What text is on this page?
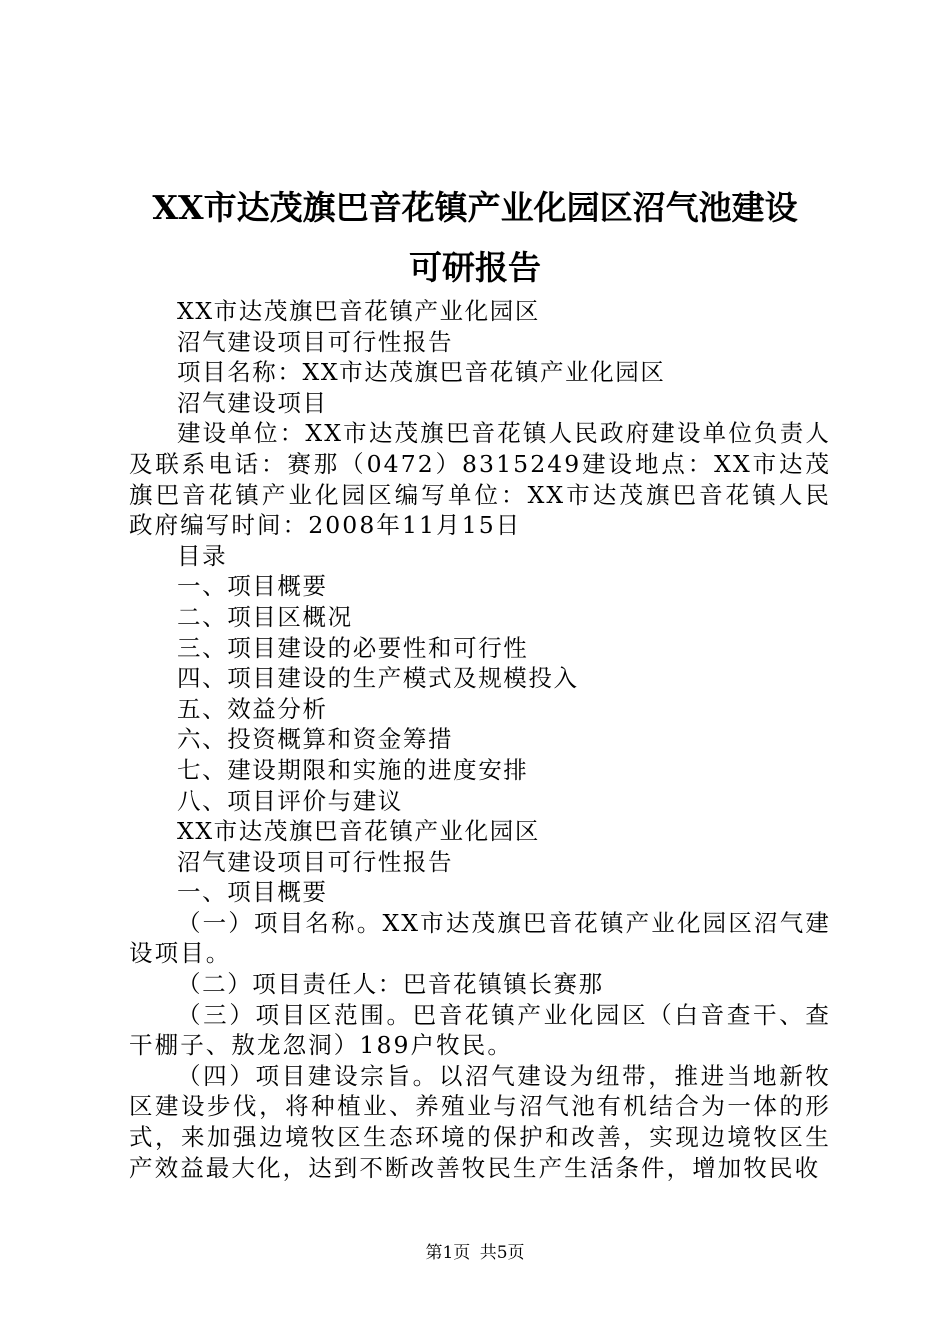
XX市达茂旗巴音花镇产业化园区沼气池建设
可研报告

XX市达茂旗巴音花镇产业化园区

沼气建设项目可行性报告

项目名称：XX市达茂旗巴音花镇产业化园区

沼气建设项目

建设单位：XX市达茂旗巴音花镇人民政府建设单位负责人及联系电话：赛那（0472）8315249建设地点：XX市达茂旗巴音花镇产业化园区编写单位：XX市达茂旗巴音花镇人民政府编写时间：2008年11月15日

目录

一、项目概要

二、项目区概况

三、项目建设的必要性和可行性

四、项目建设的生产模式及规模投入

五、效益分析

六、投资概算和资金筹措

七、建设期限和实施的进度安排

八、项目评价与建议

XX市达茂旗巴音花镇产业化园区

沼气建设项目可行性报告

一、项目概要

（一）项目名称。XX市达茂旗巴音花镇产业化园区沼气建设项目。

（二）项目责任人：巴音花镇镇长赛那

（三）项目区范围。巴音花镇产业化园区（白音查干、查干棚子、敖龙忽洞）189户牧民。

（四）项目建设宗旨。以沼气建设为纽带，推进当地新牧区建设步伐，将种植业、养殖业与沼气池有机结合为一体的形式，来加强边境牧区生态环境的保护和改善，实现边境牧区生产效益最大化，达到不断改善牧民生产生活条件，增加牧民收

第1页 共5页
